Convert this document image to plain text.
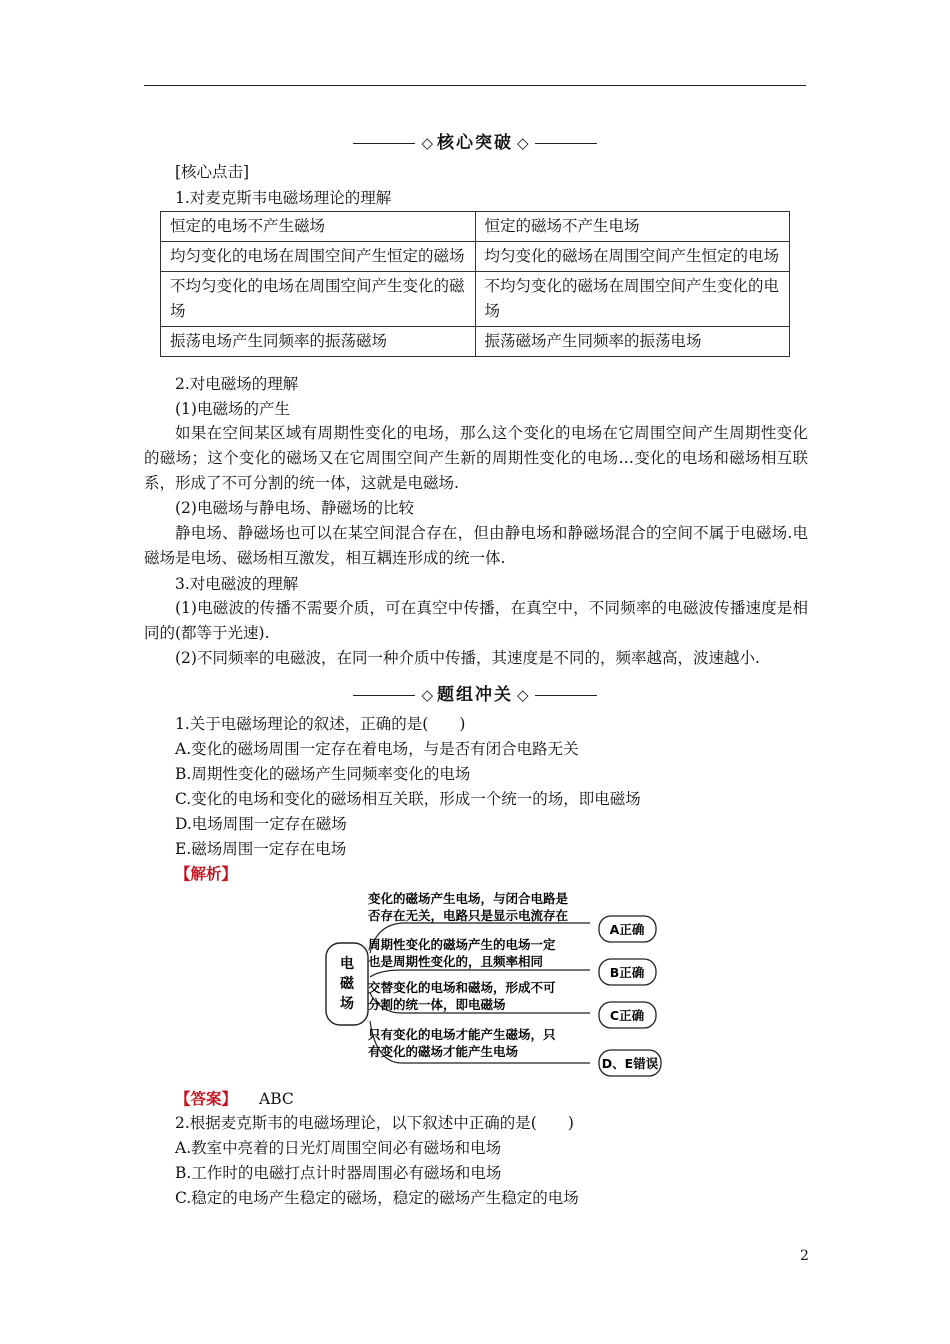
◇ 核心突破 ◇
[核心点击]
1.对麦克斯韦电磁场理论的理解
恒定的电场不产生磁场	恒定的磁场不产生电场
均匀变化的电场在周围空间产生恒定的磁场	均匀变化的磁场在周围空间产生恒定的电场
不均匀变化的电场在周围空间产生变化的磁场	不均匀变化的磁场在周围空间产生变化的电场
振荡电场产生同频率的振荡磁场	振荡磁场产生同频率的振荡电场
2.对电磁场的理解
(1)电磁场的产生
如果在空间某区域有周期性变化的电场，那么这个变化的电场在它周围空间产生周期性变化的磁场；这个变化的磁场又在它周围空间产生新的周期性变化的电场…变化的电场和磁场相互联系，形成了不可分割的统一体，这就是电磁场.
(2)电磁场与静电场、静磁场的比较
静电场、静磁场也可以在某空间混合存在，但由静电场和静磁场混合的空间不属于电磁场.电磁场是电场、磁场相互激发，相互耦连形成的统一体.
3.对电磁波的理解
(1)电磁波的传播不需要介质，可在真空中传播，在真空中，不同频率的电磁波传播速度是相同的(都等于光速).
(2)不同频率的电磁波，在同一种介质中传播，其速度是不同的，频率越高，波速越小.
◇ 题组冲关 ◇
1.关于电磁场理论的叙述，正确的是(　　)
A.变化的磁场周围一定存在着电场，与是否有闭合电路无关
B.周期性变化的磁场产生同频率变化的电场
C.变化的电场和变化的磁场相互关联，形成一个统一的场，即电磁场
D.电场周围一定存在磁场
E.磁场周围一定存在电场
【解析】
电
磁
场
变化的磁场产生电场，与闭合电路是
否存在无关，电路只是显示电流存在
A正确
周期性变化的磁场产生的电场一定
也是周期性变化的，且频率相同
B正确
交替变化的电场和磁场，形成不可
分割的统一体，即电磁场
C正确
只有变化的电场才能产生磁场，只
有变化的磁场才能产生电场
D、E错误
【答案】 ABC
2.根据麦克斯韦的电磁场理论，以下叙述中正确的是(　　)
A.教室中亮着的日光灯周围空间必有磁场和电场
B.工作时的电磁打点计时器周围必有磁场和电场
C.稳定的电场产生稳定的磁场，稳定的磁场产生稳定的电场
2
